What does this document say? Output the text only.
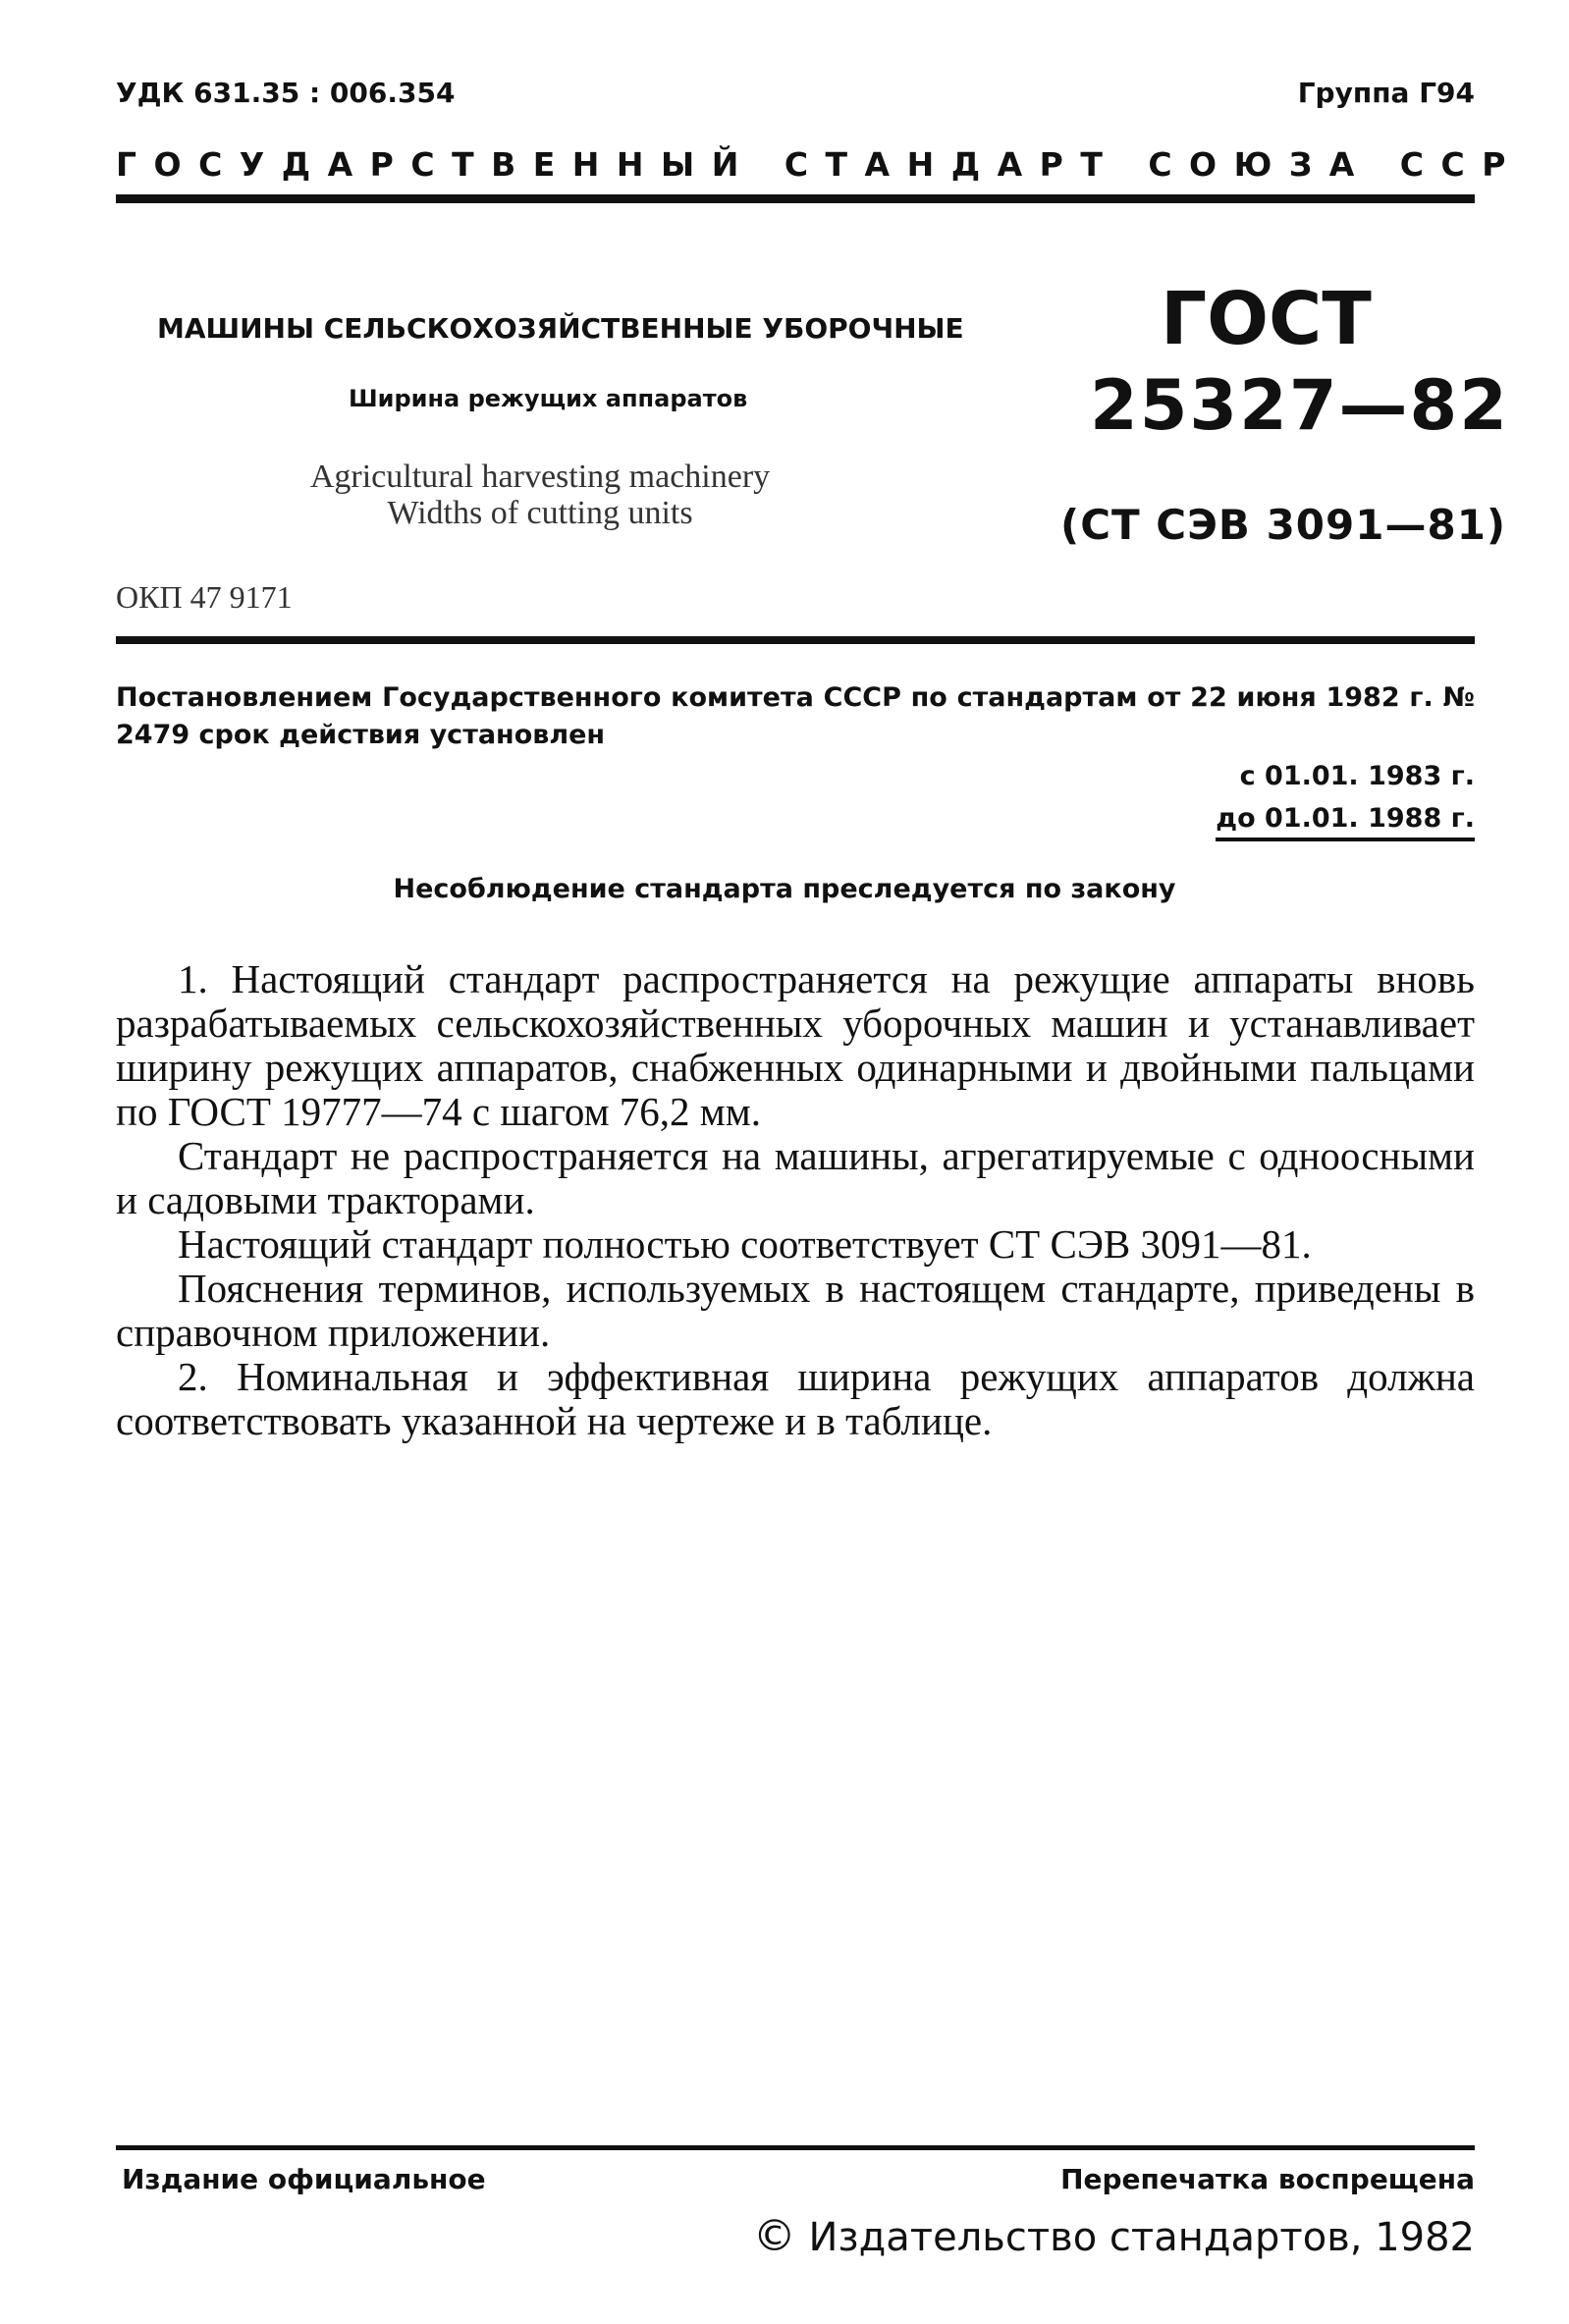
УДК 631.35 : 006.354	Группа Г94
ГОСУДАРСТВЕННЫЙ СТАНДАРТ СОЮЗА ССР
МАШИНЫ СЕЛЬСКОХОЗЯЙСТВЕННЫЕ УБОРОЧНЫЕ
Ширина режущих аппаратов
Agricultural harvesting machinery
Widths of cutting units
ГОСТ
25327—82
(СТ СЭВ 3091—81)
ОКП 47 9171
Постановлением Государственного комитета СССР по стандартам от 22 июня 1982 г. № 2479 срок действия установлен
с 01.01. 1983 г.
до 01.01. 1988 г.
Несоблюдение стандарта преследуется по закону

1. Настоящий стандарт распространяется на режущие аппараты вновь разрабатываемых сельскохозяйственных уборочных машин и устанавливает ширину режущих аппаратов, снабженных одинарными и двойными пальцами по ГОСТ 19777—74 с шагом 76,2 мм.

Стандарт не распространяется на машины, агрегатируемые с одноосными и садовыми тракторами.

Настоящий стандарт полностью соответствует СТ СЭВ 3091—81.

Пояснения терминов, используемых в настоящем стандарте, приведены в справочном приложении.

2. Номинальная и эффективная ширина режущих аппаратов должна соответствовать указанной на чертеже и в таблице.

Издание официальное	Перепечатка воспрещена
© Издательство стандартов, 1982
